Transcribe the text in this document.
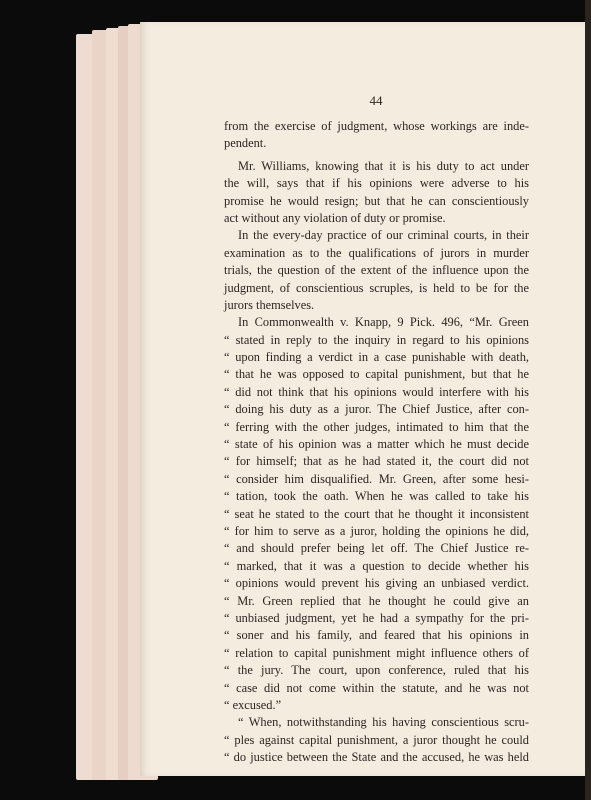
44
from the exercise of judgment, whose workings are inde-
pendent.
Mr. Williams, knowing that it is his duty to act under
the will, says that if his opinions were adverse to his
promise he would resign; but that he can conscientiously
act without any violation of duty or promise.
In the every-day practice of our criminal courts, in their
examination as to the qualifications of jurors in murder
trials, the question of the extent of the influence upon the
judgment, of conscientious scruples, is held to be for the
jurors themselves.
In Commonwealth v. Knapp, 9 Pick. 496, “Mr. Green
“ stated in reply to the inquiry in regard to his opinions
“ upon finding a verdict in a case punishable with death,
“ that he was opposed to capital punishment, but that he
“ did not think that his opinions would interfere with his
“ doing his duty as a juror. The Chief Justice, after con-
“ ferring with the other judges, intimated to him that the
“ state of his opinion was a matter which he must decide
“ for himself; that as he had stated it, the court did not
“ consider him disqualified. Mr. Green, after some hesi-
“ tation, took the oath. When he was called to take his
“ seat he stated to the court that he thought it inconsistent
“ for him to serve as a juror, holding the opinions he did,
“ and should prefer being let off. The Chief Justice re-
“ marked, that it was a question to decide whether his
“ opinions would prevent his giving an unbiased verdict.
“ Mr. Green replied that he thought he could give an
“ unbiased judgment, yet he had a sympathy for the pri-
“ soner and his family, and feared that his opinions in
“ relation to capital punishment might influence others of
“ the jury. The court, upon conference, ruled that his
“ case did not come within the statute, and he was not
“ excused.”
“ When, notwithstanding his having conscientious scru-
“ ples against capital punishment, a juror thought he could
“ do justice between the State and the accused, he was held
